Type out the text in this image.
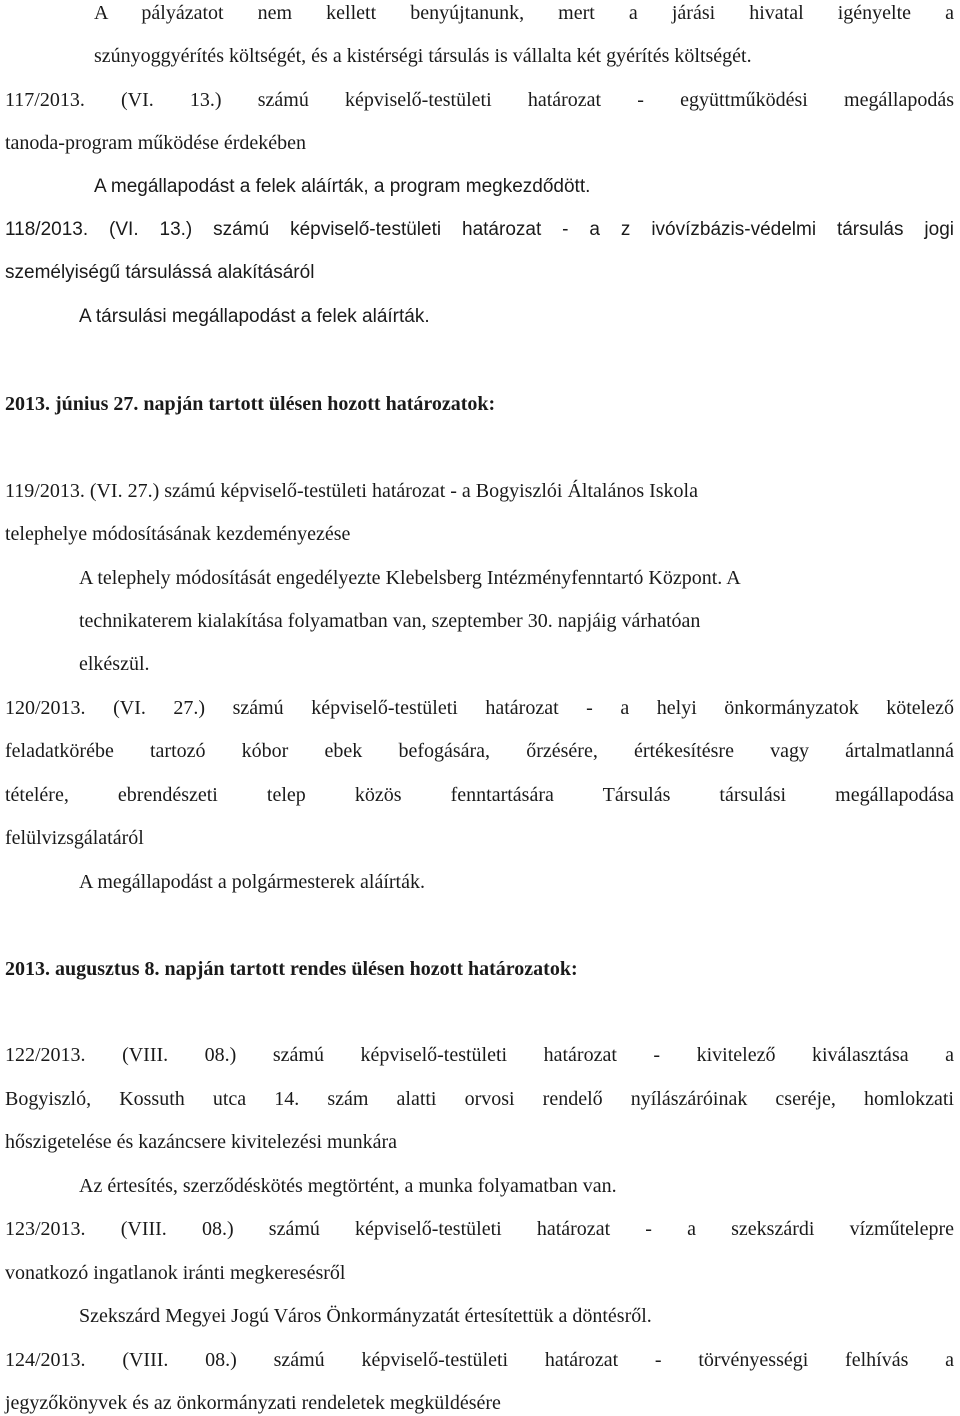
A pályázatot nem kellett benyújtanunk, mert a járási hivatal igényelte a
szúnyoggyérítés költségét, és a kistérségi társulás is vállalta két gyérítés költségét.
117/2013. (VI. 13.) számú képviselő-testületi határozat - együttműködési megállapodás
tanoda-program működése érdekében
A megállapodást a felek aláírták, a program megkezdődött.
118/2013. (VI. 13.) számú képviselő-testületi határozat - a z ivóvízbázis-védelmi társulás jogi
személyiségű társulássá alakításáról
A társulási megállapodást a felek aláírták.
2013. június 27. napján tartott ülésen hozott határozatok:
119/2013. (VI. 27.) számú képviselő-testületi határozat - a Bogyiszlói Általános Iskola
telephelye módosításának kezdeményezése
A telephely módosítását engedélyezte Klebelsberg Intézményfenntartó Központ. A
technikaterem kialakítása folyamatban van, szeptember 30. napjáig várhatóan
elkészül.
120/2013. (VI. 27.) számú képviselő-testületi határozat - a helyi önkormányzatok kötelező
feladatkörébe tartozó kóbor ebek befogására, őrzésére, értékesítésre vagy ártalmatlanná
tételére, ebrendészeti telep közös fenntartására Társulás társulási megállapodása
felülvizsgálatáról
A megállapodást a polgármesterek aláírták.
2013. augusztus 8. napján tartott rendes ülésen hozott határozatok:
122/2013. (VIII. 08.) számú képviselő-testületi határozat - kivitelező kiválasztása a
Bogyiszló, Kossuth utca 14. szám alatti orvosi rendelő nyílászáróinak cseréje, homlokzati
hőszigetelése és kazáncsere kivitelezési munkára
Az értesítés, szerződéskötés megtörtént, a munka folyamatban van.
123/2013. (VIII. 08.) számú képviselő-testületi határozat - a szekszárdi vízműtelepre
vonatkozó ingatlanok iránti megkeresésről
Szekszárd Megyei Jogú Város Önkormányzatát értesítettük a döntésről.
124/2013. (VIII. 08.) számú képviselő-testületi határozat - törvényességi felhívás a
jegyzőkönyvek és az önkormányzati rendeletek megküldésére
